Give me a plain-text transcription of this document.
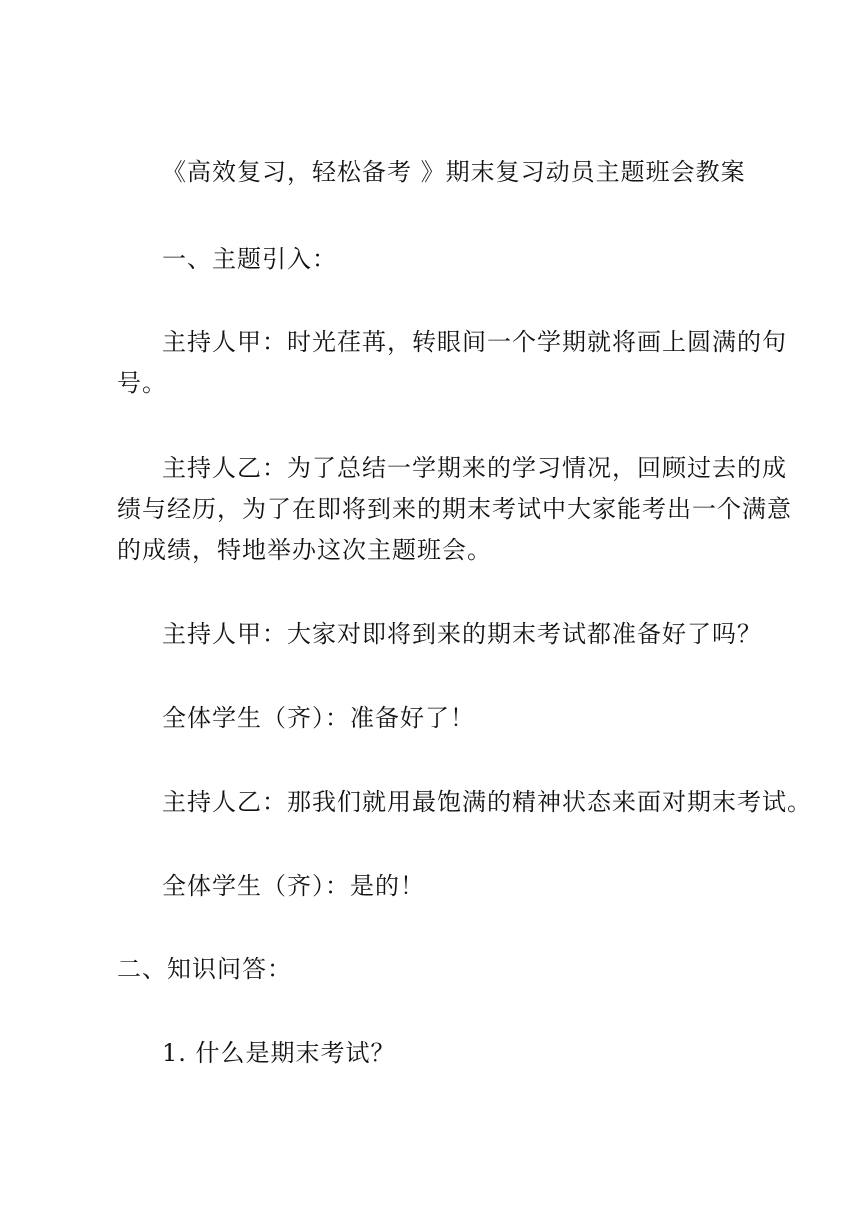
《高效复习，轻松备考 》期末复习动员主题班会教案
一、主题引入：
主持人甲：时光荏苒，转眼间一个学期就将画上圆满的句
号。
主持人乙：为了总结一学期来的学习情况，回顾过去的成
绩与经历，为了在即将到来的期末考试中大家能考出一个满意
的成绩，特地举办这次主题班会。
主持人甲：大家对即将到来的期末考试都准备好了吗？
全体学生（齐）：准备好了！
主持人乙：那我们就用最饱满的精神状态来面对期末考试。
全体学生（齐）：是的！
二、知识问答：
1. 什么是期末考试？
